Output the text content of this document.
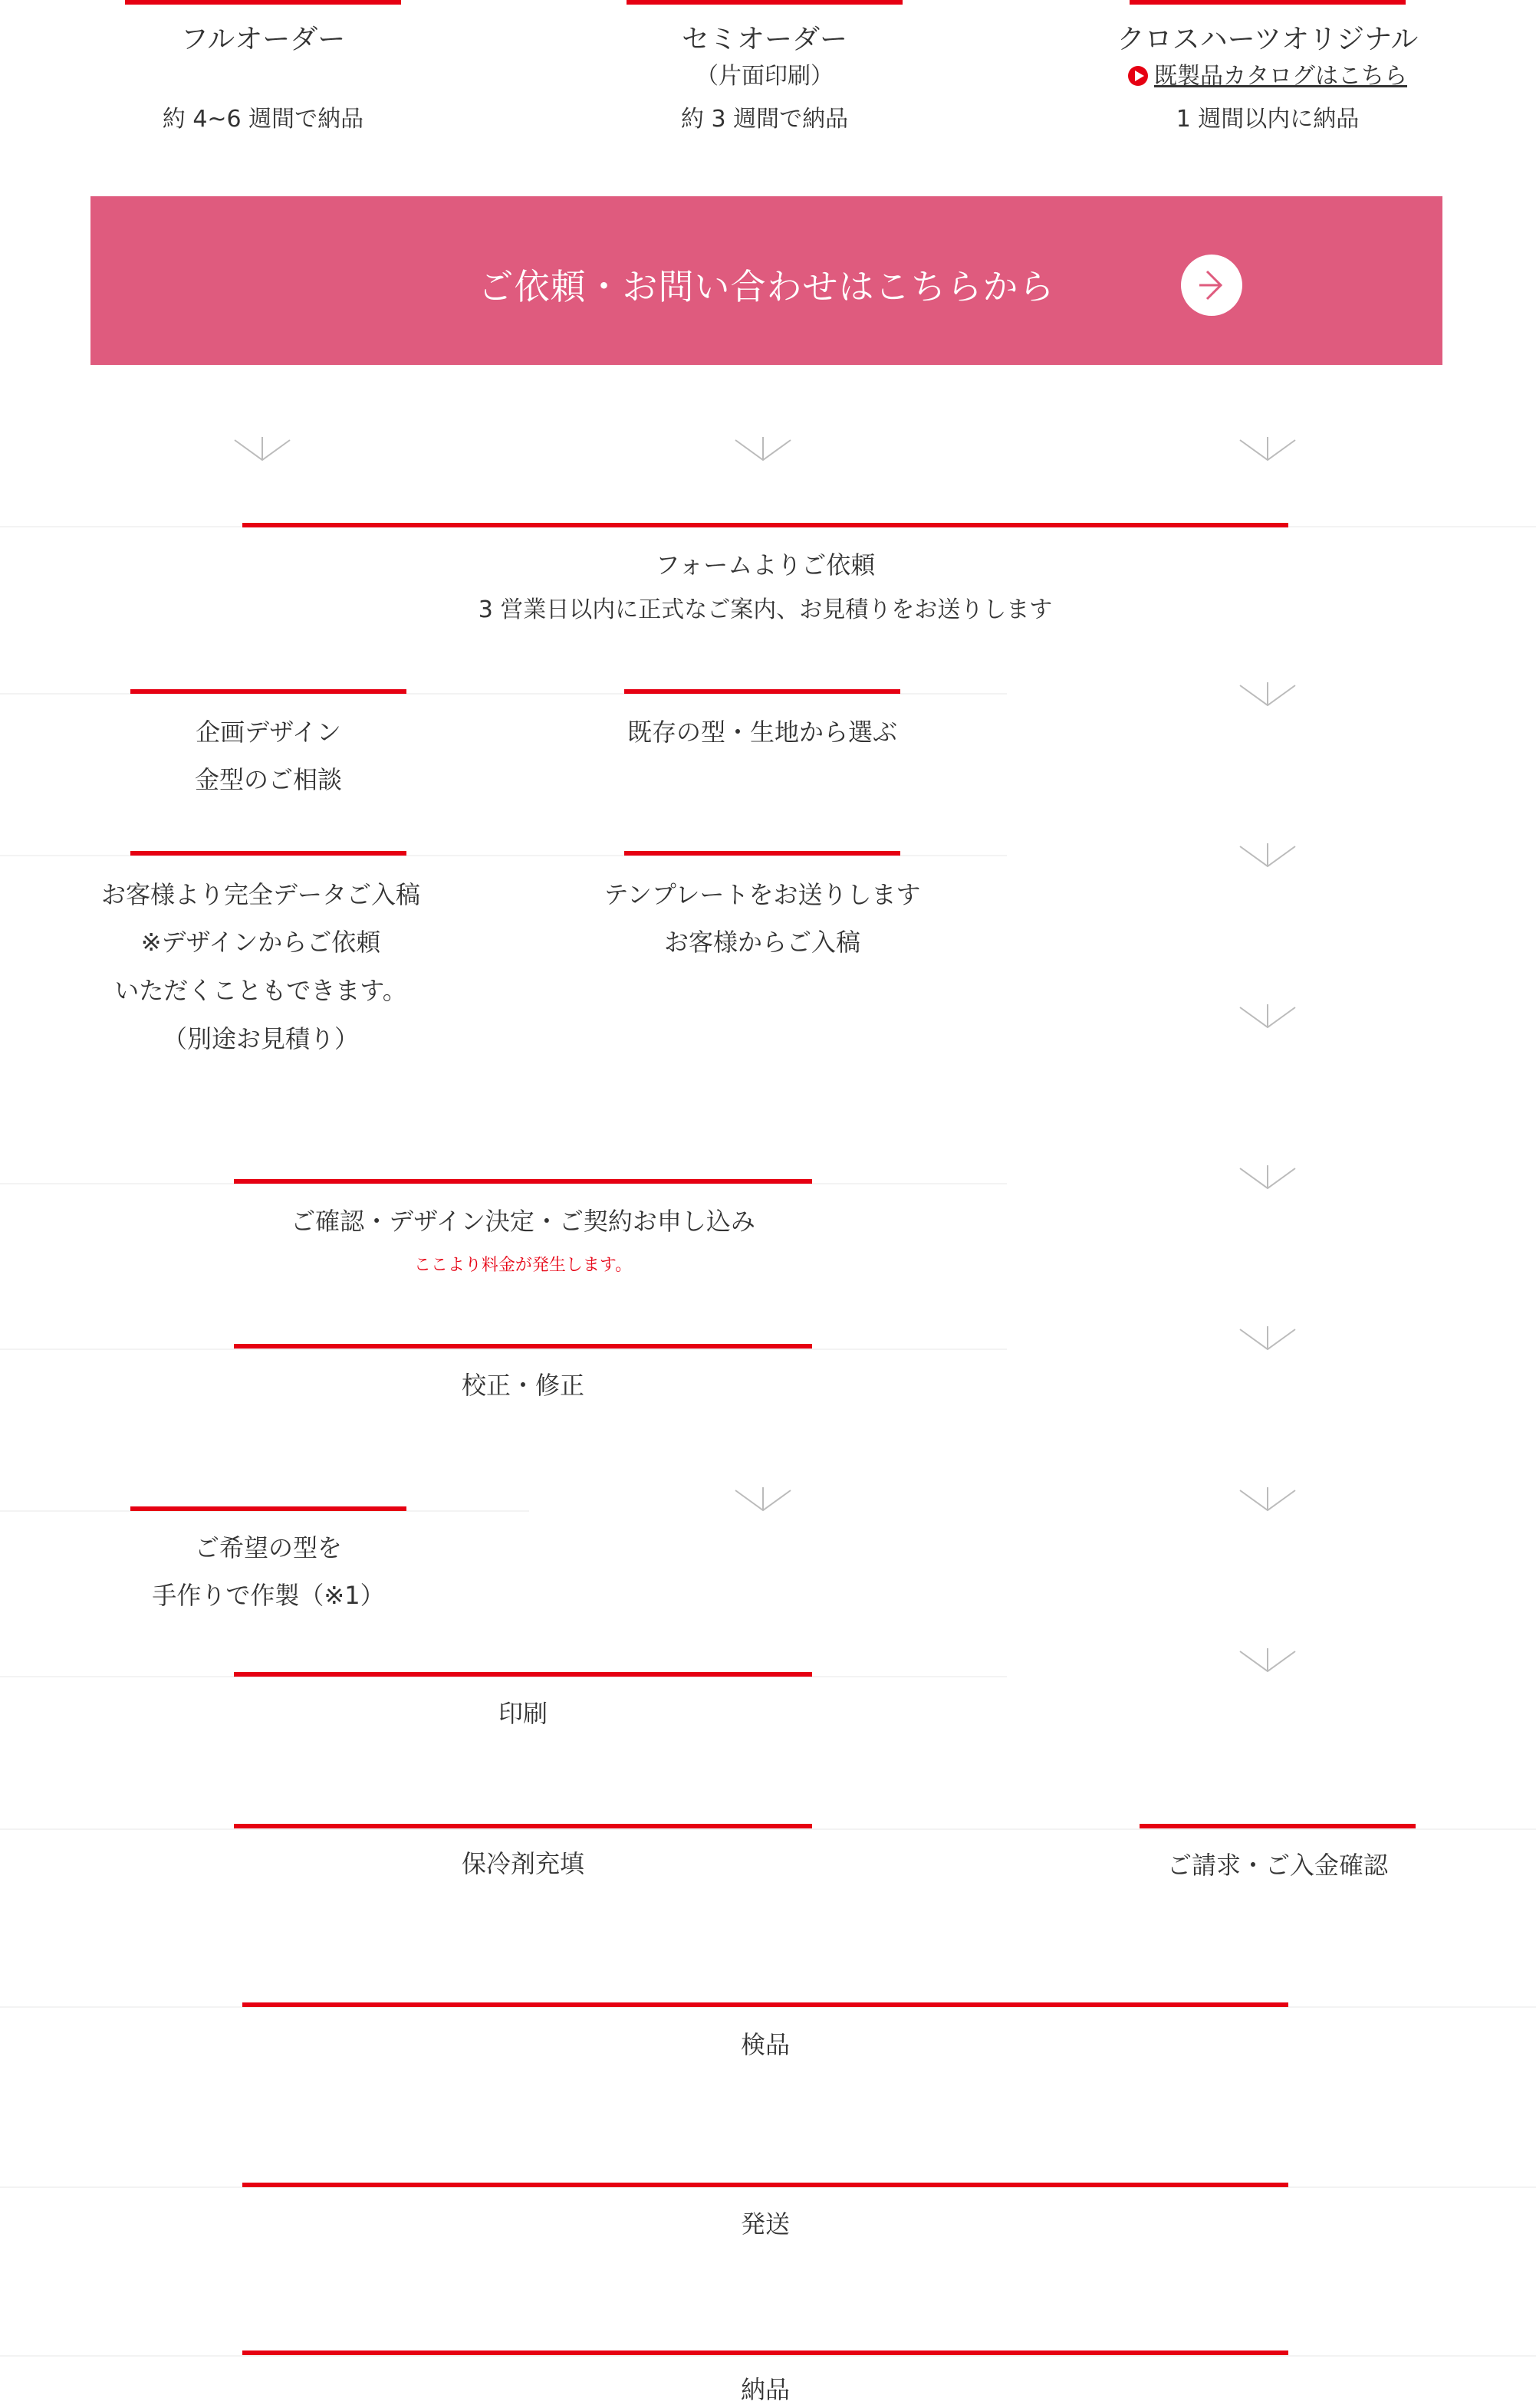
フルオーダー
約 4~6 週間で納品
セミオーダー
（片面印刷）
約 3 週間で納品
クロスハーツオリジナル
既製品カタログはこちら
1 週間以内に納品
ご依頼・お問い合わせはこちらから
フォームよりご依頼
3 営業日以内に正式なご案内、お見積りをお送りします
企画デザイン
金型のご相談
既存の型・生地から選ぶ
お客様より完全データご入稿
※デザインからご依頼
いただくこともできます。
（別途お見積り）
テンプレートをお送りします
お客様からご入稿
ご確認・デザイン決定・ご契約お申し込み
ここより料金が発生します。
校正・修正
ご希望の型を
手作りで作製（※1）
印刷
保冷剤充填	ご請求・ご入金確認
検品
発送
納品
